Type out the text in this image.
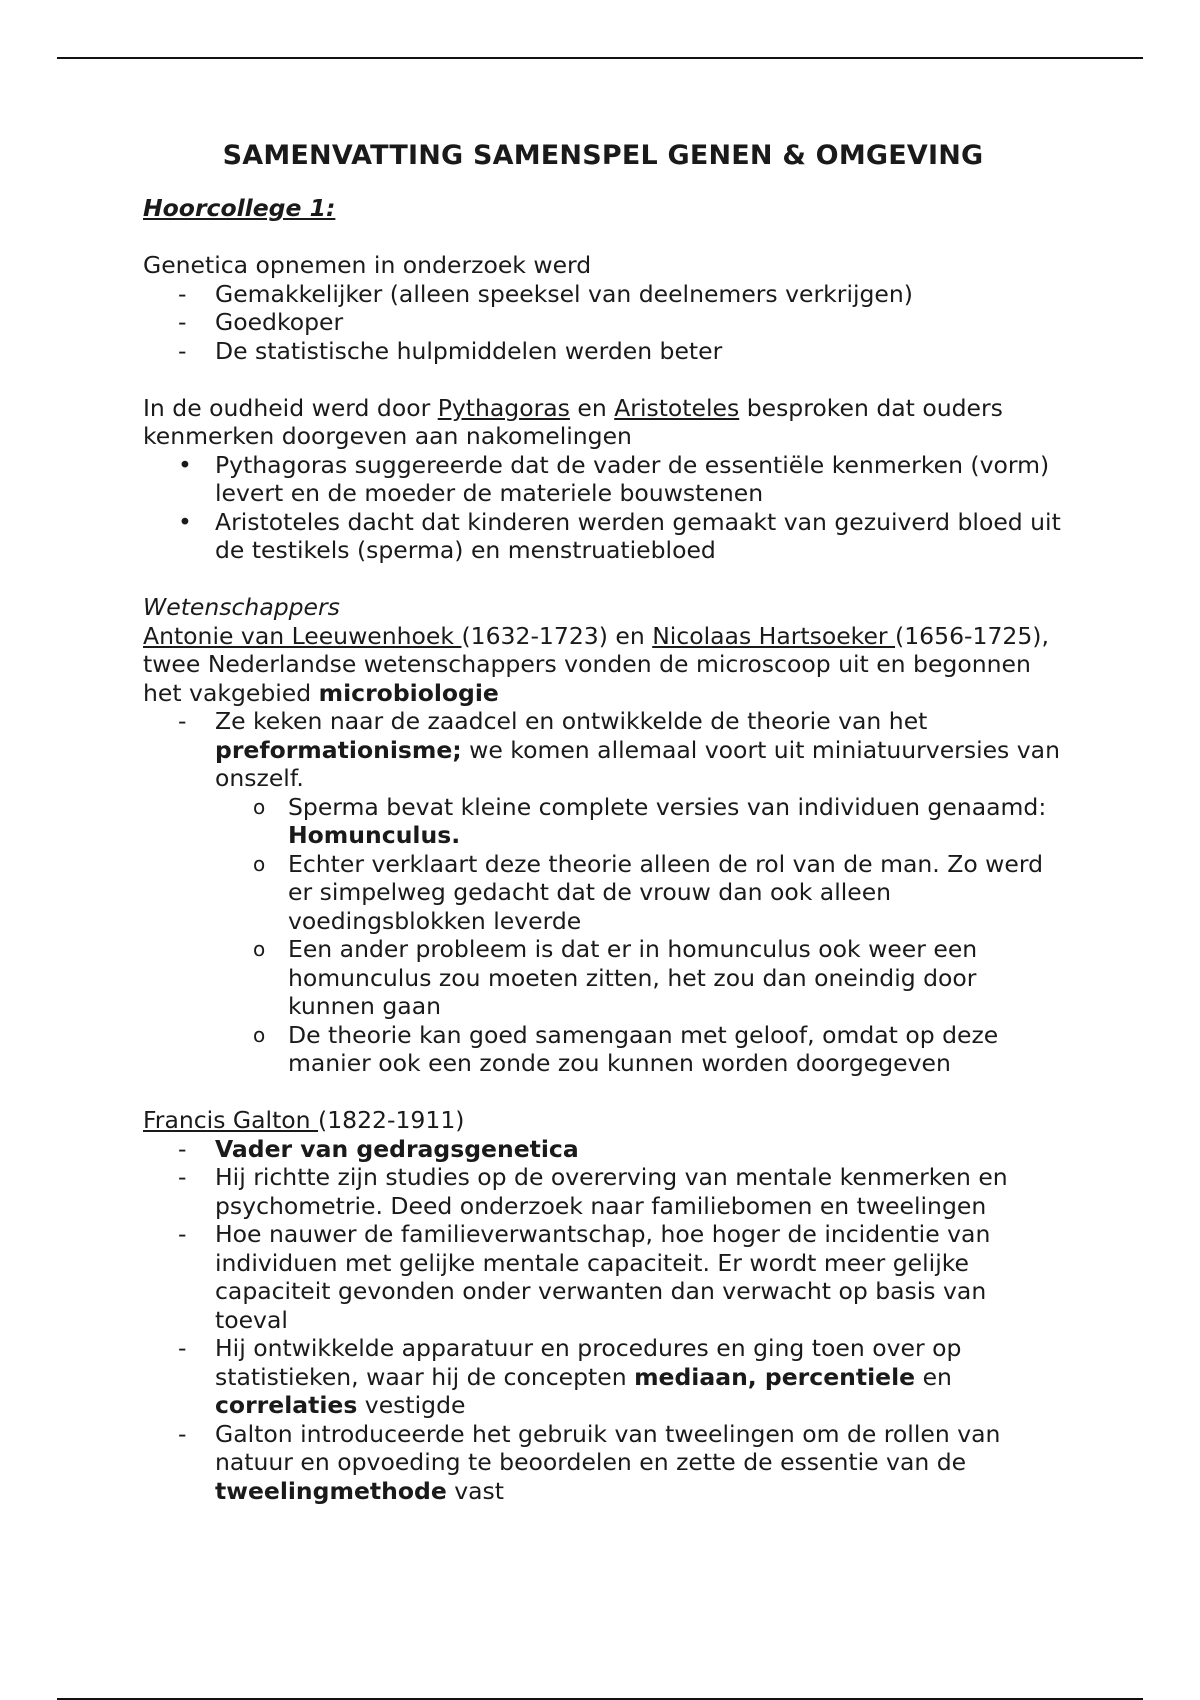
SAMENVATTING SAMENSPEL GENEN & OMGEVING

Hoorcollege 1:

Genetica opnemen in onderzoek werd

-	Gemakkelijker (alleen speeksel van deelnemers verkrijgen)
-	Goedkoper
-	De statistische hulpmiddelen werden beter

In de oudheid werd door Pythagoras en Aristoteles besproken dat ouders kenmerken doorgeven aan nakomelingen

• Pythagoras suggereerde dat de vader de essentiële kenmerken (vorm) levert en de moeder de materiele bouwstenen
• Aristoteles dacht dat kinderen werden gemaakt van gezuiverd bloed uit de testikels (sperma) en menstruatiebloed

Wetenschappers

Antonie van Leeuwenhoek (1632-1723) en Nicolaas Hartsoeker (1656-1725), twee Nederlandse wetenschappers vonden de microscoop uit en begonnen het vakgebied microbiologie

-	Ze keken naar de zaadcel en ontwikkelde de theorie van het preformationisme; we komen allemaal voort uit miniatuurversies van onszelf.
o Sperma bevat kleine complete versies van individuen genaamd: Homunculus.
o Echter verklaart deze theorie alleen de rol van de man. Zo werd er simpelweg gedacht dat de vrouw dan ook alleen voedingsblokken leverde
o Een ander probleem is dat er in homunculus ook weer een homunculus zou moeten zitten, het zou dan oneindig door kunnen gaan
o De theorie kan goed samengaan met geloof, omdat op deze manier ook een zonde zou kunnen worden doorgegeven

Francis Galton (1822-1911)

-	Vader van gedragsgenetica
-	Hij richtte zijn studies op de overerving van mentale kenmerken en psychometrie. Deed onderzoek naar familiebomen en tweelingen
-	Hoe nauwer de familieverwantschap, hoe hoger de incidentie van individuen met gelijke mentale capaciteit. Er wordt meer gelijke capaciteit gevonden onder verwanten dan verwacht op basis van toeval
-	Hij ontwikkelde apparatuur en procedures en ging toen over op statistieken, waar hij de concepten mediaan, percentiele en correlaties vestigde
-	Galton introduceerde het gebruik van tweelingen om de rollen van natuur en opvoeding te beoordelen en zette de essentie van de tweelingmethode vast
